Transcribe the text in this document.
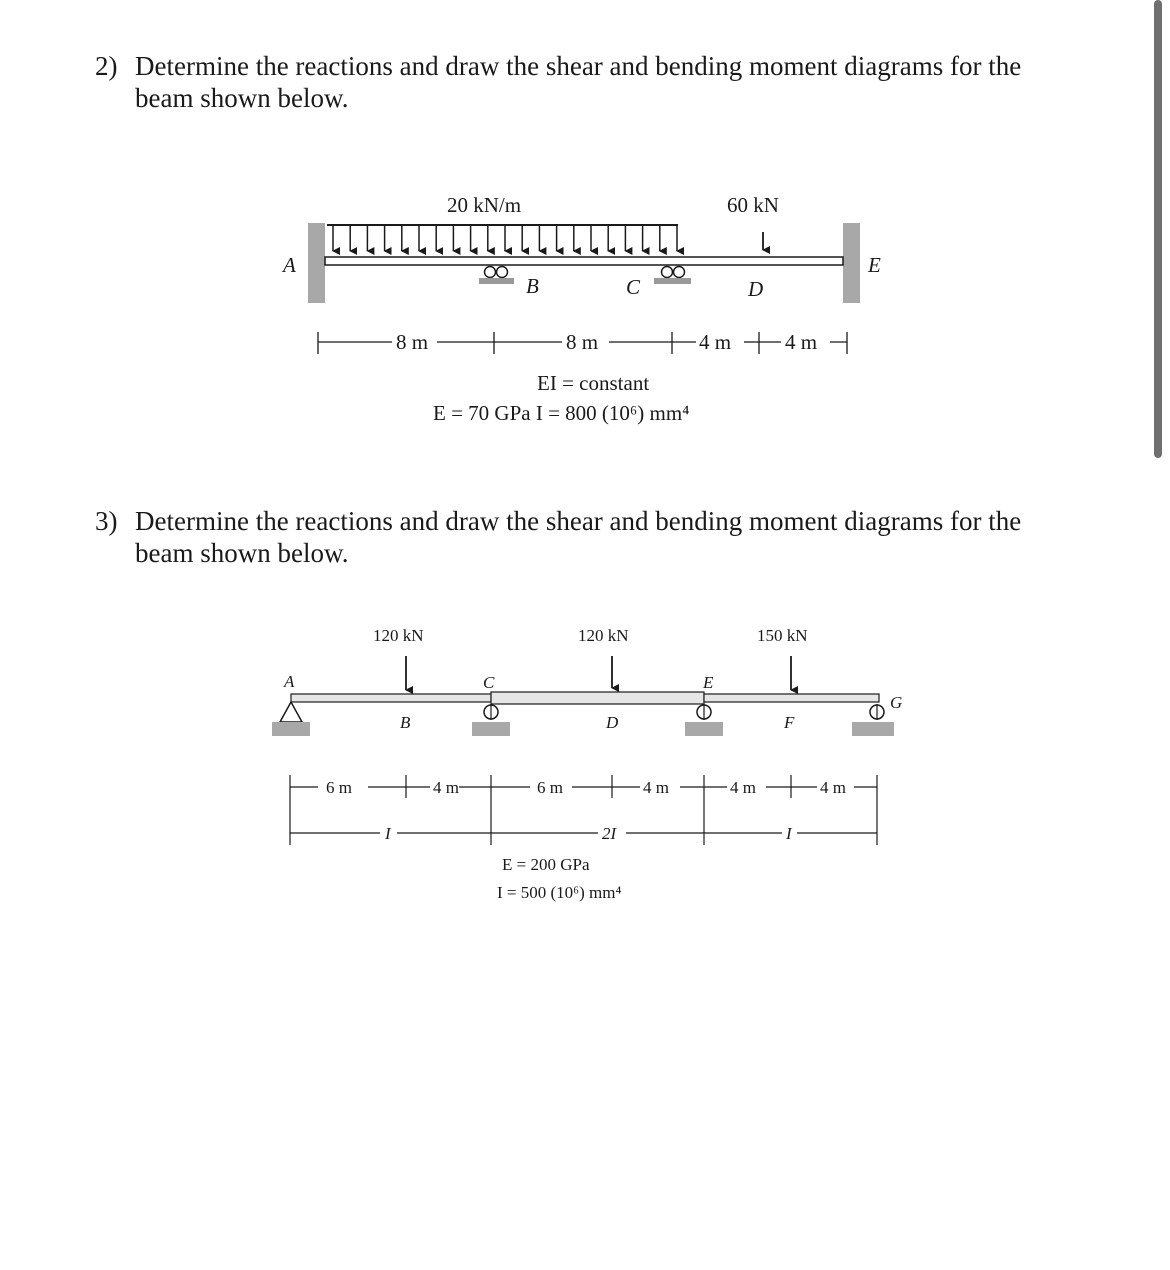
2) Determine the reactions and draw the shear and bending moment diagrams for the beam shown below.
20 kN/m	60 kN
A
B	C	D
E
8 m	8 m	4 m	4 m
EI = constant
E = 70 GPa I = 800 (10⁶) mm⁴
3) Determine the reactions and draw the shear and bending moment diagrams for the beam shown below.
120 kN	120 kN	150 kN
A
B
C
D
E
F
G
6 m	4 m	6 m	4 m	4 m	4 m
I	2I	I
E = 200 GPa
I = 500 (10⁶) mm⁴
